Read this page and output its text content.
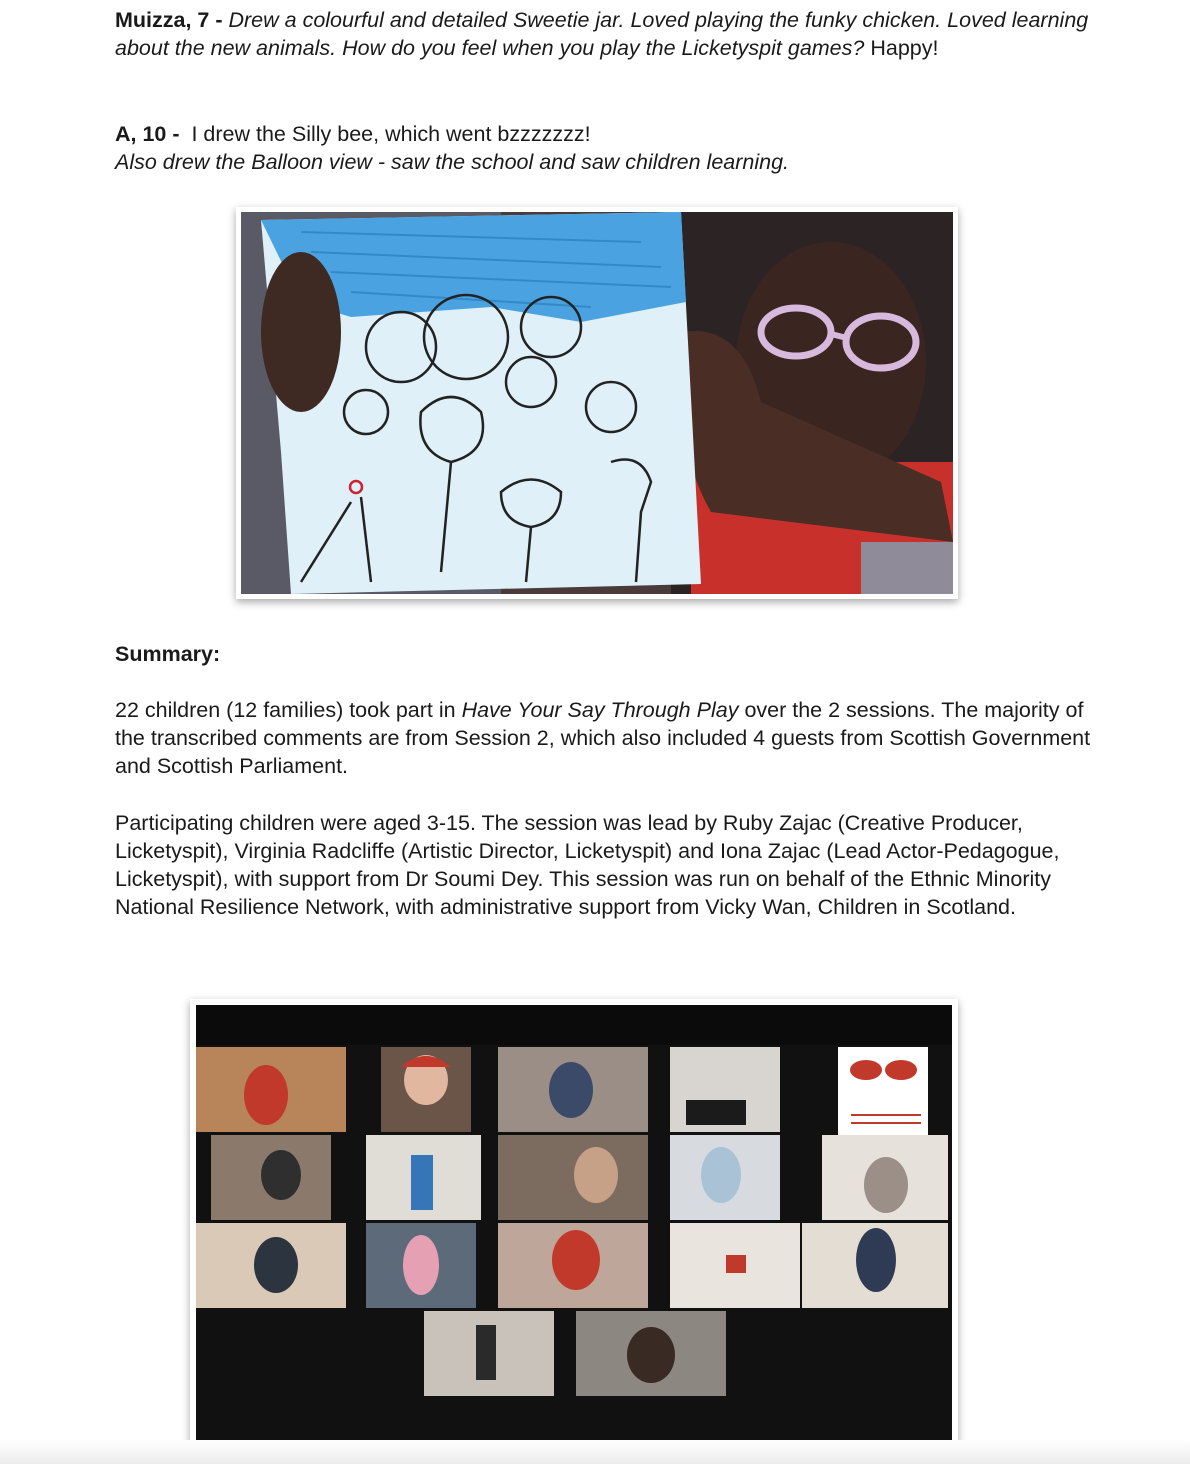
Muizza, 7 - Drew a colourful and detailed Sweetie jar. Loved playing the funky chicken. Loved learning about the new animals. How do you feel when you play the Licketyspit games? Happy!

A, 10 - I drew the Silly bee, which went bzzzzzzz!
Also drew the Balloon view - saw the school and saw children learning.

Summary:

22 children (12 families) took part in Have Your Say Through Play over the 2 sessions. The majority of the transcribed comments are from Session 2, which also included 4 guests from Scottish Government and Scottish Parliament.

Participating children were aged 3-15. The session was lead by Ruby Zajac (Creative Producer, Licketyspit), Virginia Radcliffe (Artistic Director, Licketyspit) and Iona Zajac (Lead Actor-Pedagogue, Licketyspit), with support from Dr Soumi Dey. This session was run on behalf of the Ethnic Minority National Resilience Network, with administrative support from Vicky Wan, Children in Scotland.
